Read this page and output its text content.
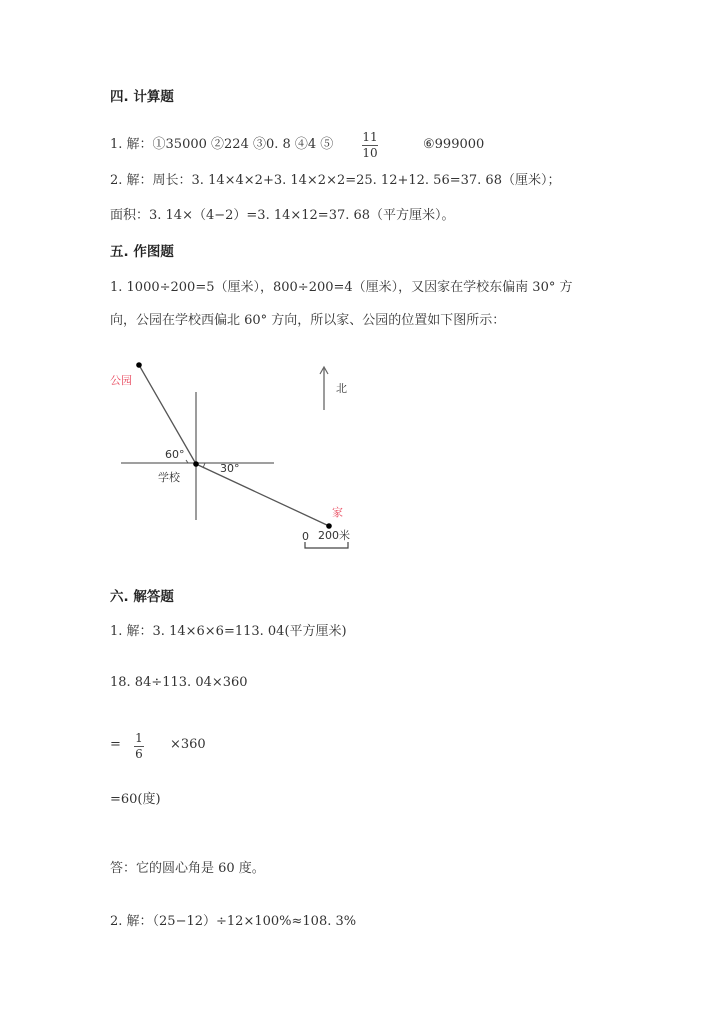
四. 计算题
1. 解：①35000 ②224 ③0. 8 ④4 ⑤ 11
10
⑥999000
2. 解：周长：3. 14×4×2+3. 14×2×2=25. 12+12. 56=37. 68（厘米）；
面积：3. 14×（4−2）=3. 14×12=37. 68（平方厘米）。
五. 作图题
1. 1000÷200=5（厘米），800÷200=4（厘米），又因家在学校东偏南 30° 方
向，公园在学校西偏北 60° 方向，所以家、公园的位置如下图所示：
北
公园
60°
学校
30°
家
0 200米
六. 解答题
1. 解：3. 14×6×6=113. 04(平方厘米)
18. 84÷113. 04×360
= 1
6
×360
=60(度)
答：它的圆心角是 60 度。
2. 解：（25−12）÷12×100%≈108. 3%
